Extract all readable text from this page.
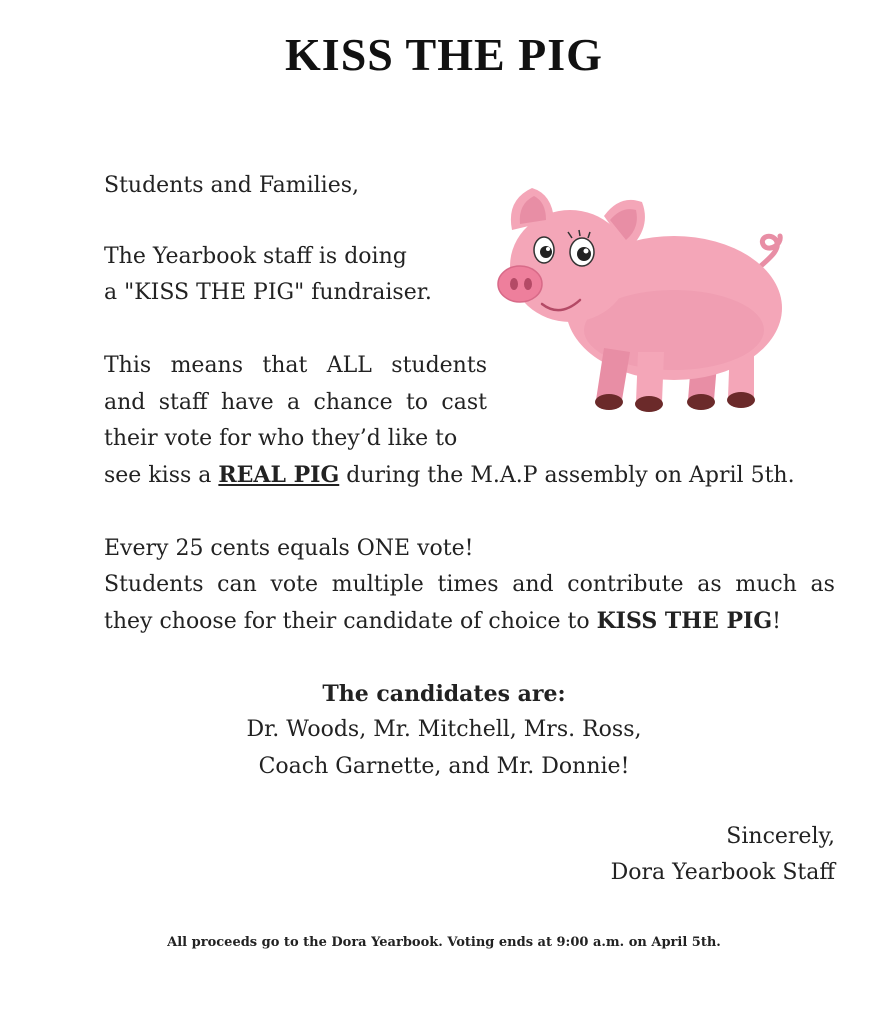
KISS THE PIG
Students and Families,
The Yearbook staff is doing
a "KISS THE PIG" fundraiser.
This means that ALL students
and staff have a chance to cast
their vote for who they’d like to
see kiss a REAL PIG during the M.A.P assembly on April 5th.
Every 25 cents equals ONE vote!
Students can vote multiple times and contribute as much as
they choose for their candidate of choice to KISS THE PIG!
The candidates are:
Dr. Woods, Mr. Mitchell, Mrs. Ross,
Coach Garnette, and Mr. Donnie!
Sincerely,
Dora Yearbook Staff
All proceeds go to the Dora Yearbook. Voting ends at 9:00 a.m. on April 5th.
